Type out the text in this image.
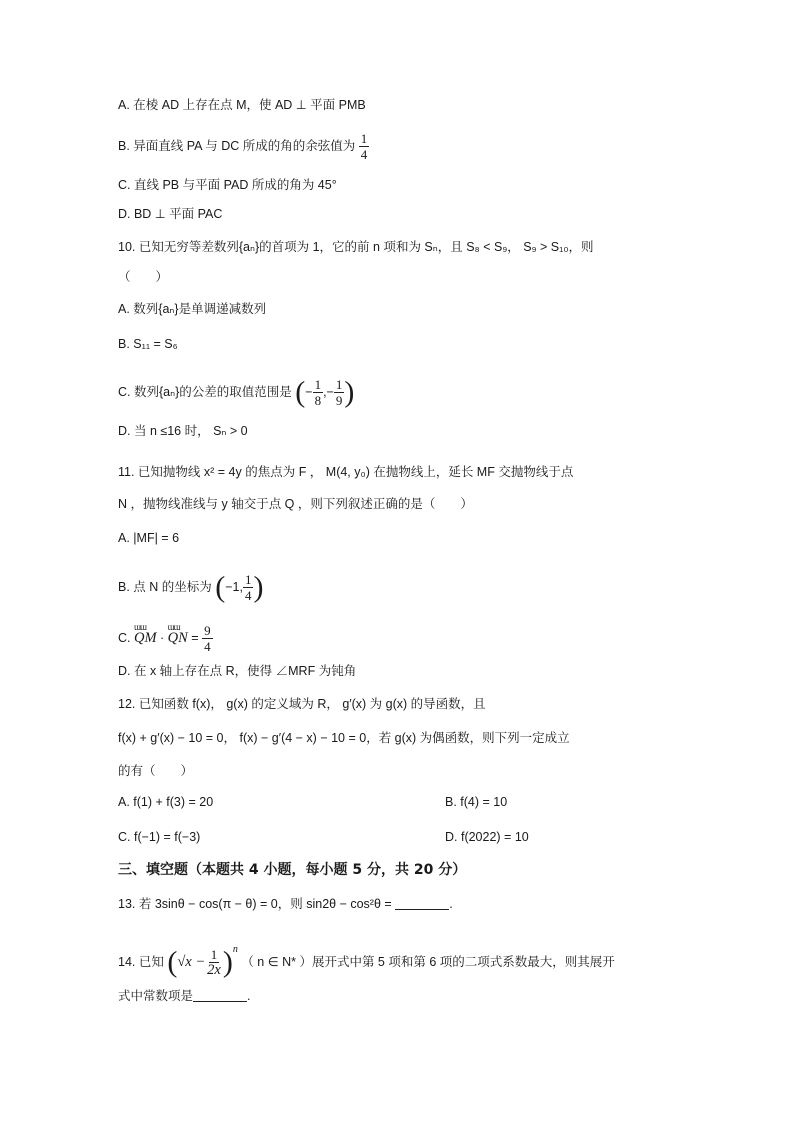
A. 在棱 AD 上存在点 M，使 AD ⊥ 平面 PMB
B. 异面直线 PA 与 DC 所成的角的余弦值为 $\frac{1}{4}$
C. 直线 PB 与平面 PAD 所成的角为 45°
D. BD ⊥ 平面 PAC
10. 已知无穷等差数列{aₙ}的首项为 1，它的前 n 项和为 Sₙ，且 S₈ < S₉， S₉ > S₁₀，则
（　　）
A. 数列{aₙ}是单调递减数列
B. S₁₁ = S₆
C. 数列{aₙ}的公差的取值范围是 (− $\frac{1}{8}$ ,− $\frac{1}{9}$ )
D. 当 n ≤16 时， Sₙ > 0
11. 已知抛物线 x² = 4y 的焦点为 F ， M(4, y₀) 在抛物线上，延长 MF 交抛物线于点
N ，抛物线准线与 y 轴交于点 Q ，则下列叙述正确的是（　　）
A. |MF| = 6
B. 点 N 的坐标为 (−1, $\frac{1}{4}$ )
C. ɯɯ QM · ɯɯ QN = $\frac{9}{4}$
D. 在 x 轴上存在点 R，使得 ∠MRF 为钝角
12. 已知函数 f(x)， g(x) 的定义域为 R， g′(x) 为 g(x) 的导函数，且
f(x) + g′(x) − 10 = 0， f(x) − g′(4 − x) − 10 = 0，若 g(x) 为偶函数，则下列一定成立
的有（　　）
A. f(1) + f(3) = 20	B. f(4) = 10
C. f(−1) = f(−3)	D. f(2022) = 10
三、填空题（本题共 4 小题，每小题 5 分，共 20 分）
13. 若 3sinθ − cos(π − θ) = 0，则 sin2θ − cos²θ =	.
14. 已知 $(√x - \frac{1}{2x} )^n$ （ n ∈ N* ）展开式中第 5 项和第 6 项的二项式系数最大，则其展开
式中常数项是	.
